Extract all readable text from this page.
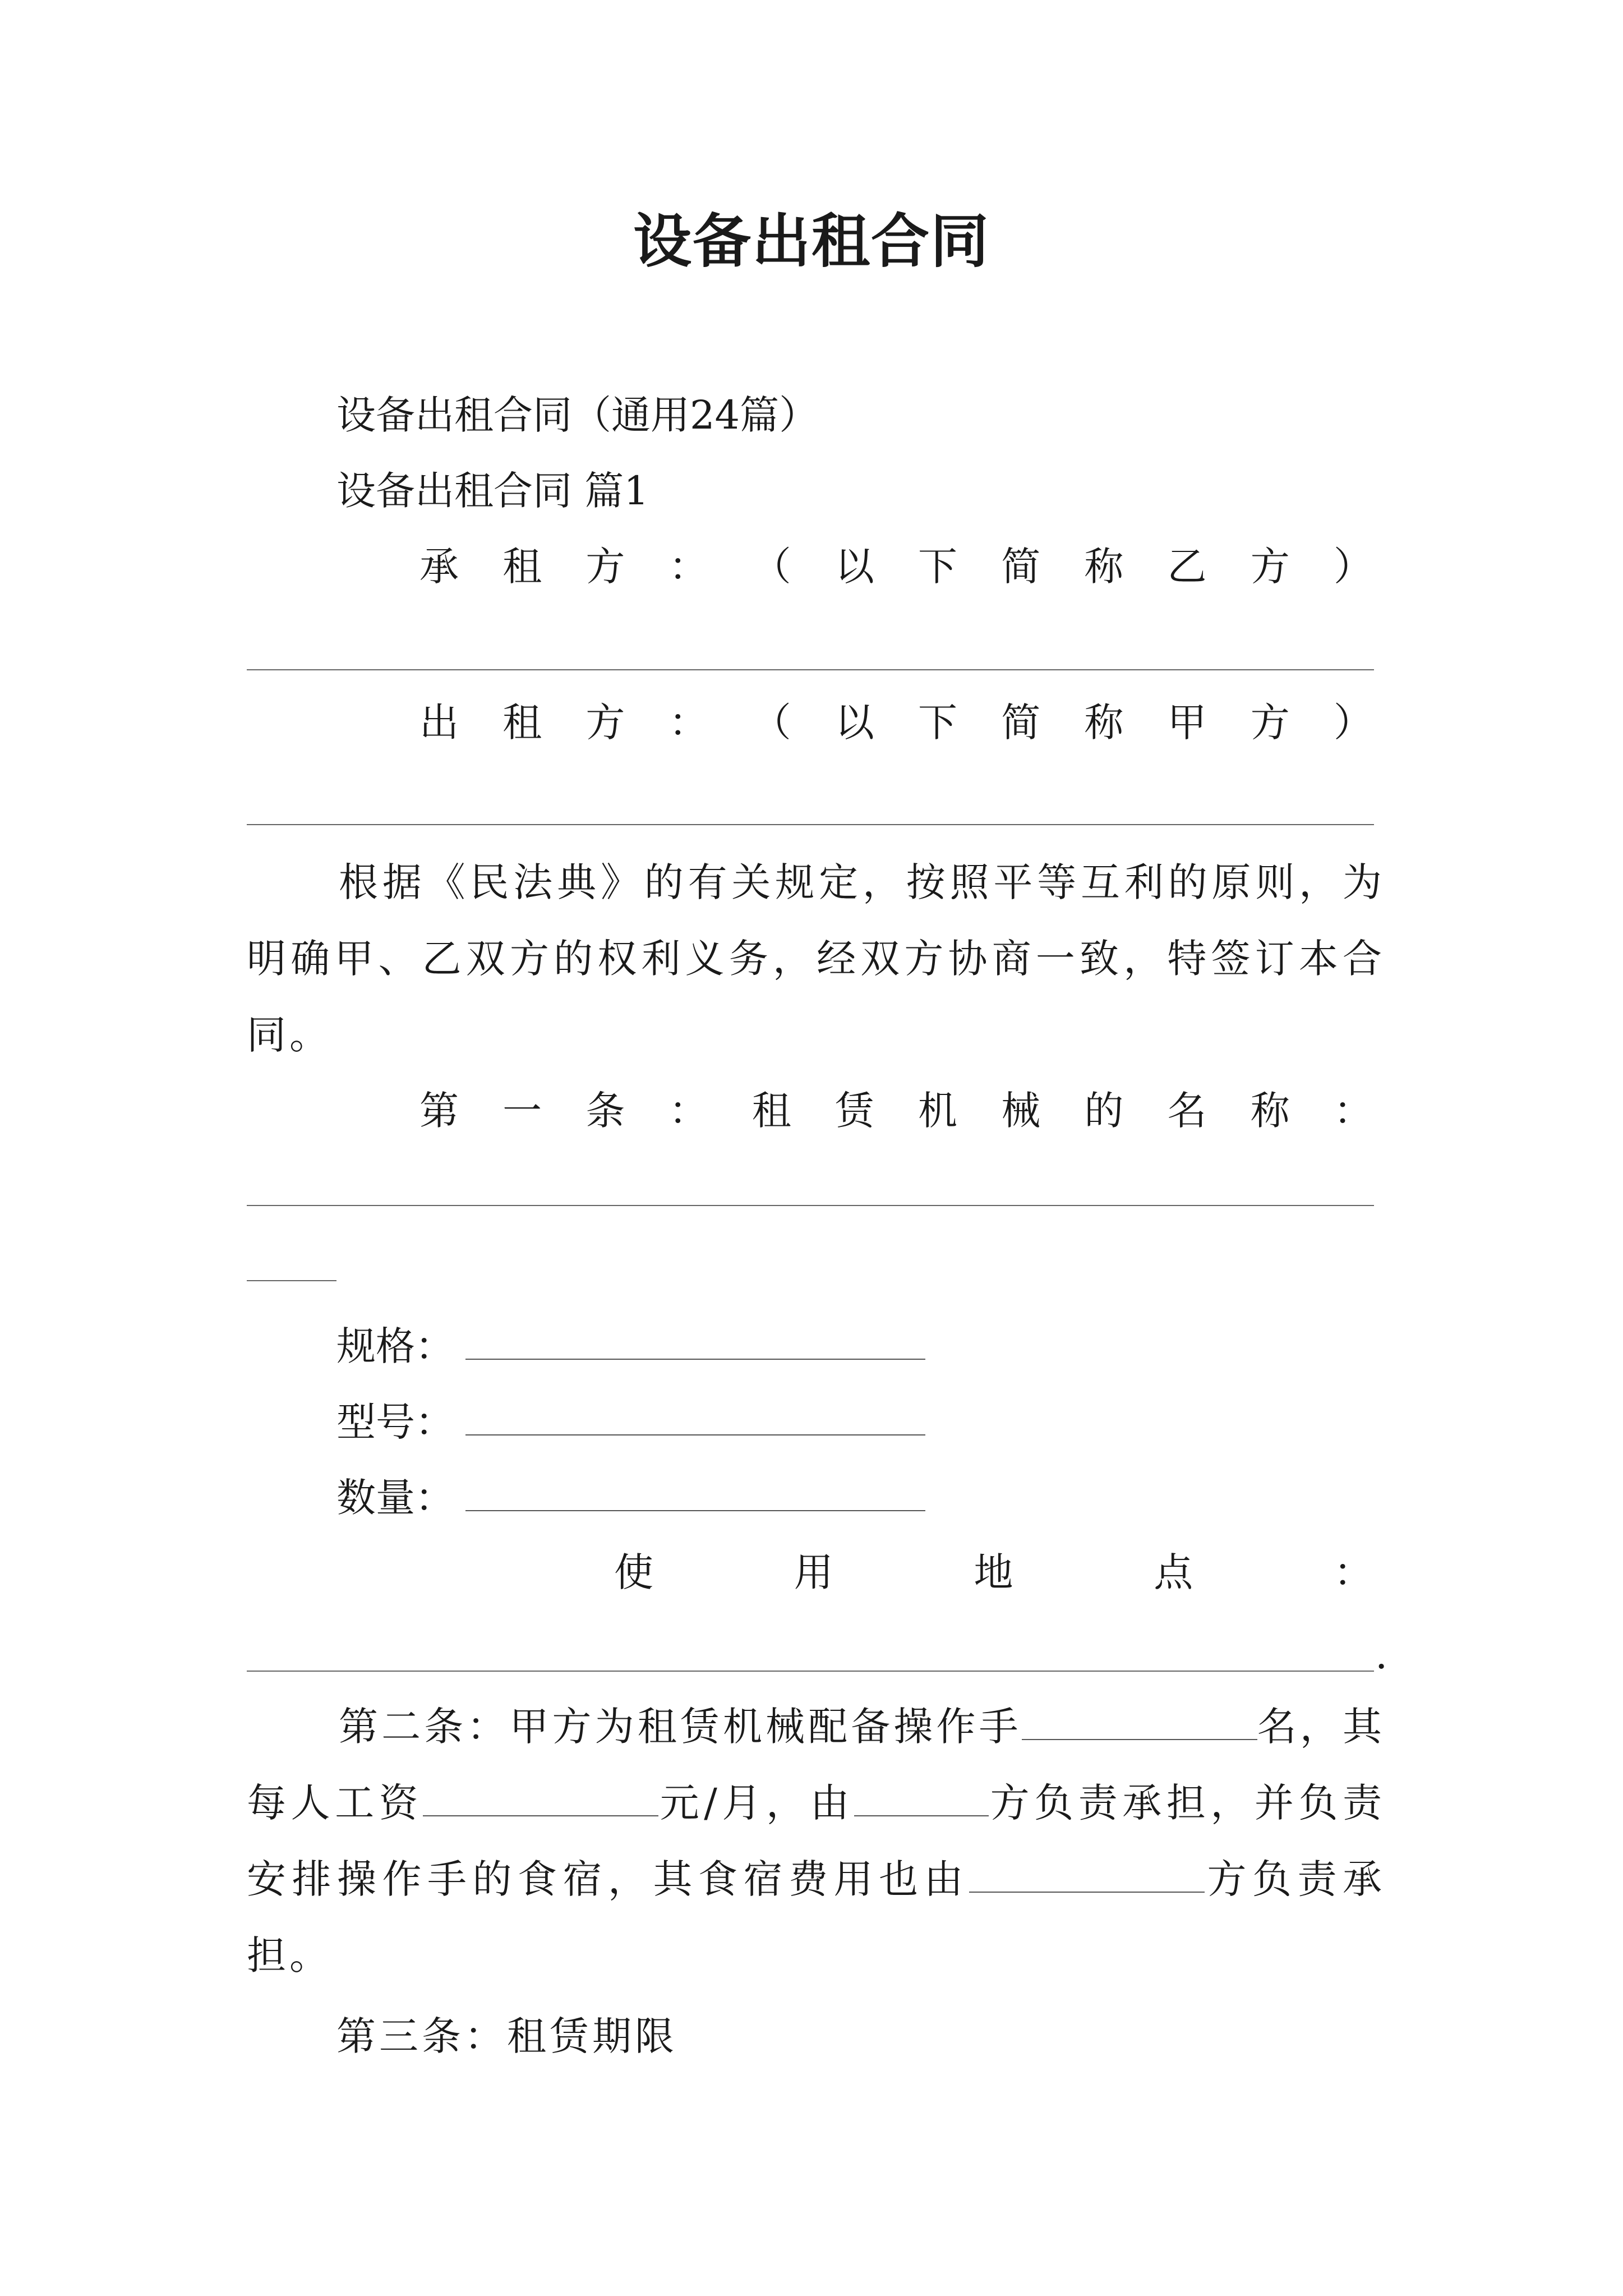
设备出租合同
设备出租合同（通用24篇）
设备出租合同 篇1
承 租 方 ： （ 以 下 简 称 乙 方 ）
出 租 方 ： （ 以 下 简 称 甲 方 ）

根据《民法典》的有关规定，按照平等互利的原则，为明确甲、乙双方的权利义务，经双方协商一致，特签订本合同。

第 一 条 ： 租 赁 机 械 的 名 称 ：
规格：
型号：
数量：
使	用	地	点	：
.

第二条：甲方为租赁机械配备操作手	名，其每人工资	元/月，由	方负责承担，并负责安排操作手的食宿，其食宿费用也由	方负责承担。

第三条：租赁期限
